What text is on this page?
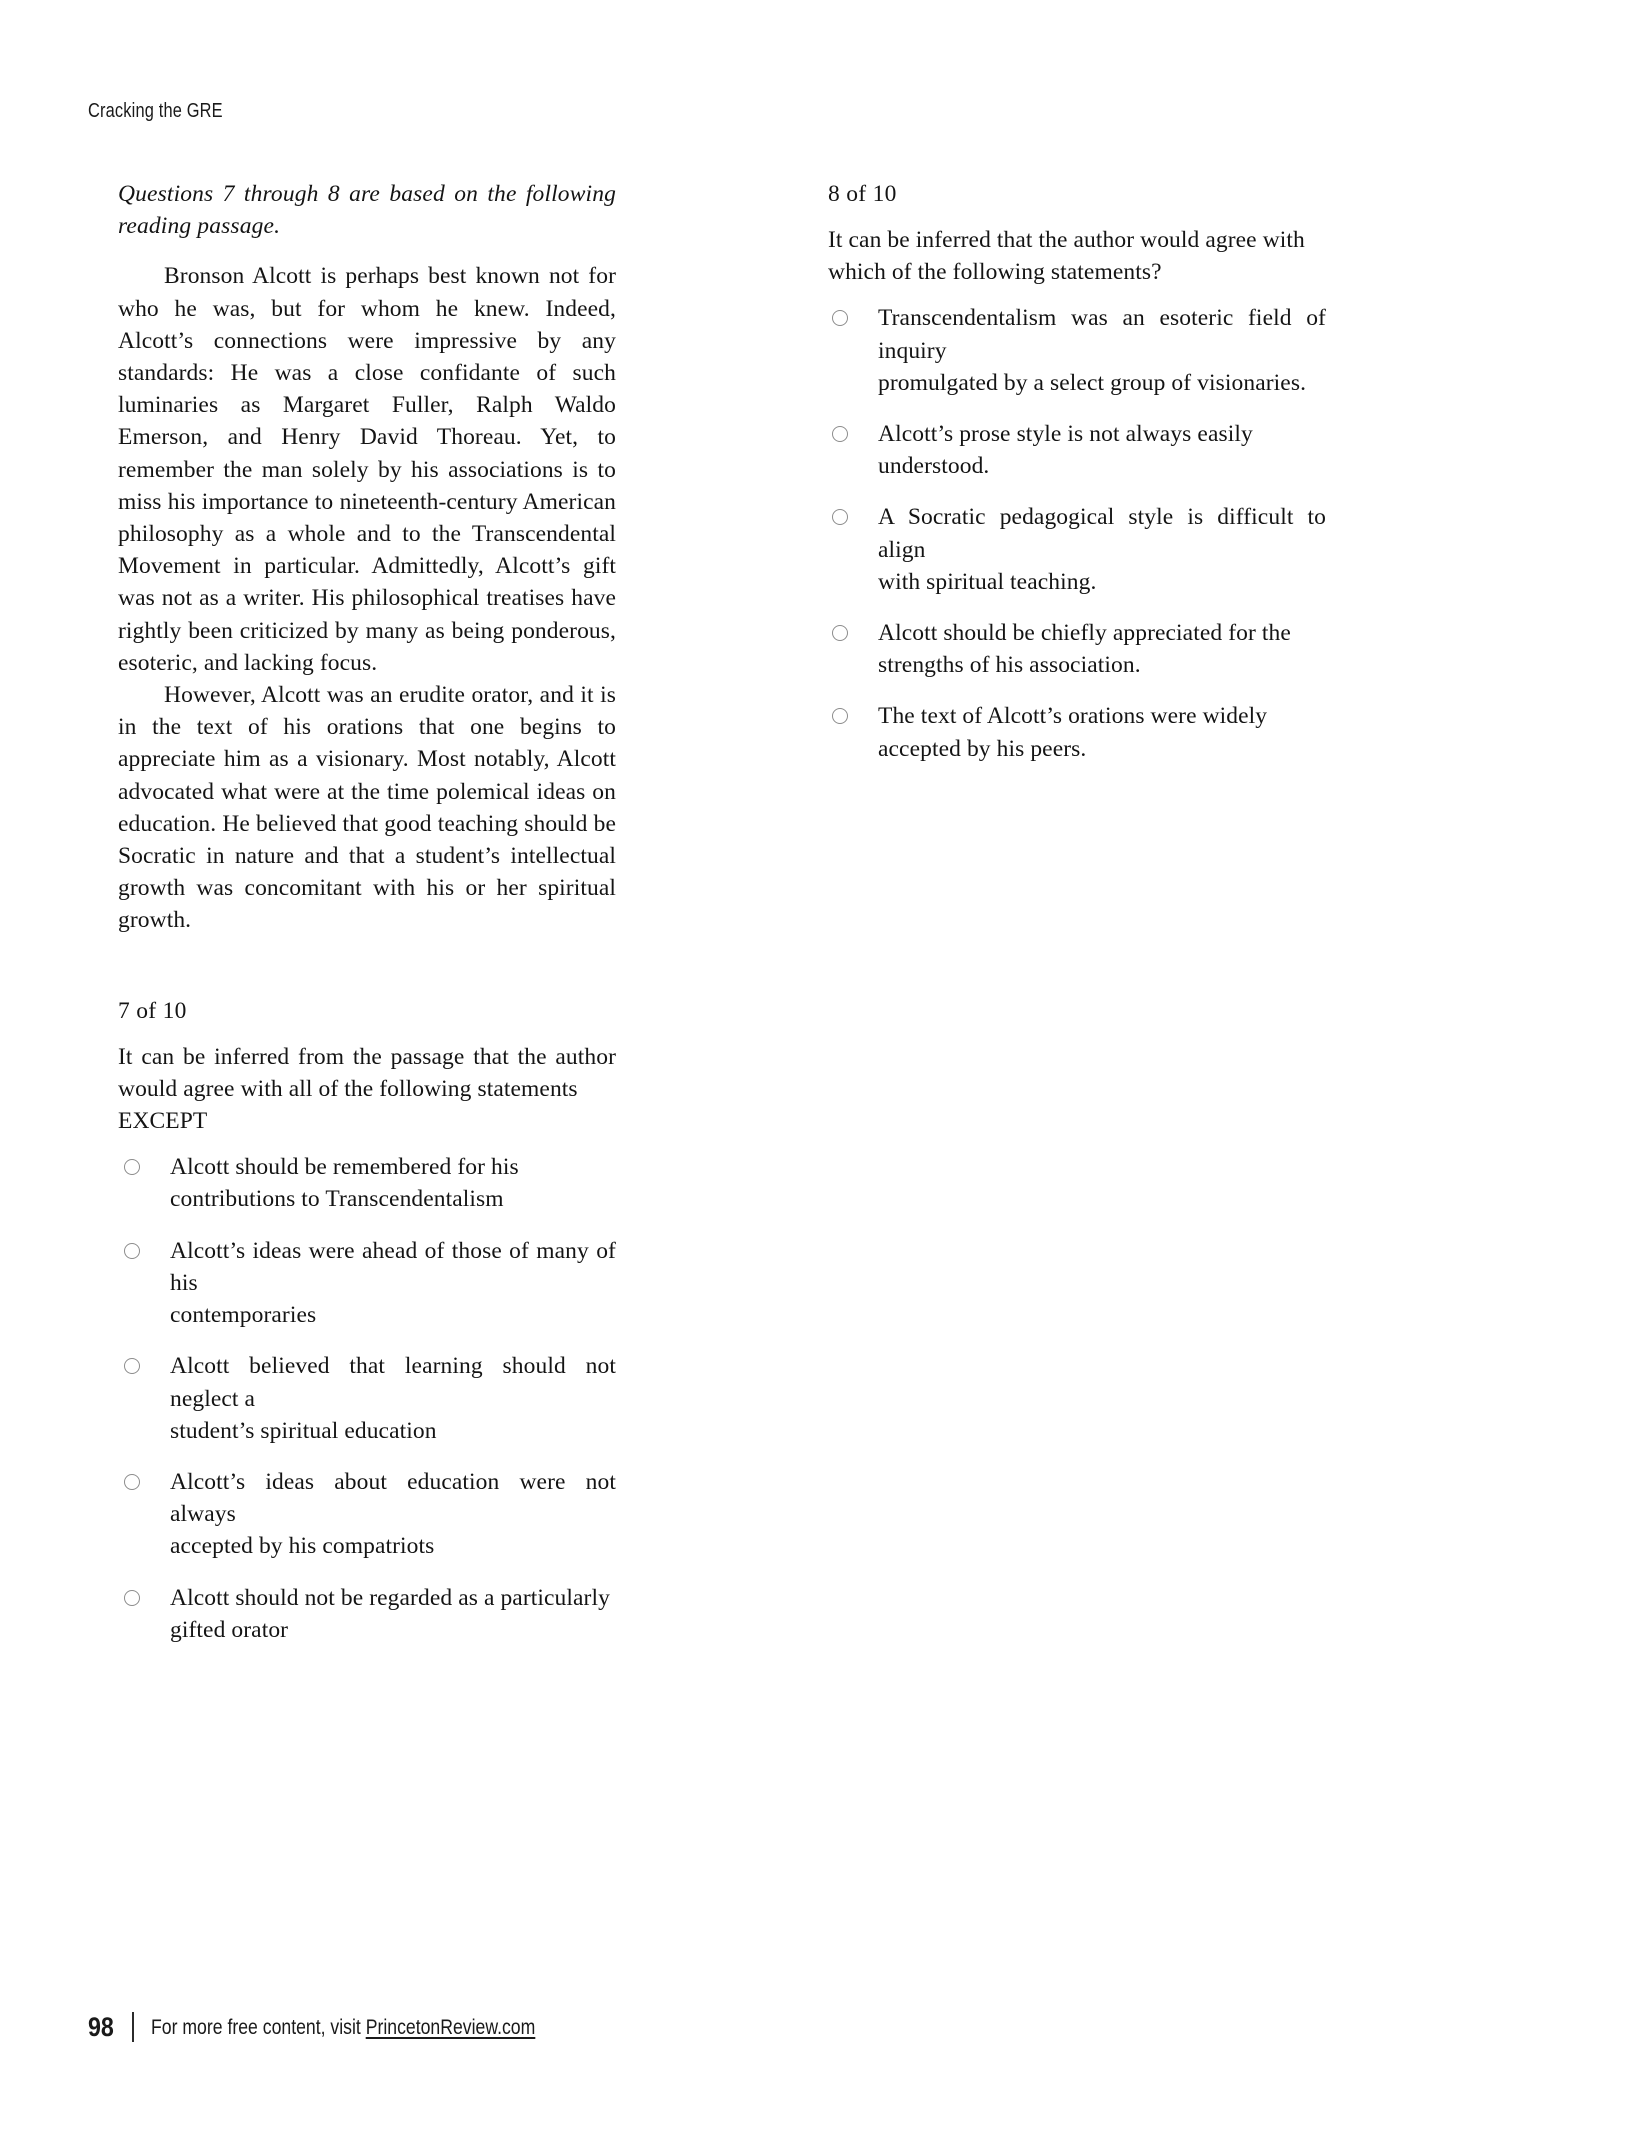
Cracking the GRE
Questions 7 through 8 are based on the following reading passage.

Bronson Alcott is perhaps best known not for who he was, but for whom he knew. Indeed, Alcott’s connections were impressive by any standards: He was a close confidante of such luminaries as Margaret Fuller, Ralph Waldo Emerson, and Henry David Thoreau. Yet, to remember the man solely by his associations is to miss his importance to nineteenth-century American philosophy as a whole and to the Transcendental Movement in particular. Admittedly, Alcott’s gift was not as a writer. His philosophical treatises have rightly been criticized by many as being ponderous, esoteric, and lacking focus.

However, Alcott was an erudite orator, and it is in the text of his orations that one begins to appreciate him as a visionary. Most notably, Alcott advocated what were at the time polemical ideas on education. He believed that good teaching should be Socratic in nature and that a student’s intellectual growth was concomitant with his or her spiritual growth.

7 of 10
It can be inferred from the passage that the author would agree with all of the following statements
EXCEPT
Alcott should be remembered for his
contributions to Transcendentalism
Alcott’s ideas were ahead of those of many of his
contemporaries
Alcott believed that learning should not neglect a
student’s spiritual education
Alcott’s ideas about education were not always
accepted by his compatriots
Alcott should not be regarded as a particularly
gifted orator
8 of 10
It can be inferred that the author would agree with
which of the following statements?
Transcendentalism was an esoteric field of inquiry
promulgated by a select group of visionaries.
Alcott’s prose style is not always easily
understood.
A Socratic pedagogical style is difficult to align
with spiritual teaching.
Alcott should be chiefly appreciated for the
strengths of his association.
The text of Alcott’s orations were widely
accepted by his peers.
98 For more free content, visit PrincetonReview.com
